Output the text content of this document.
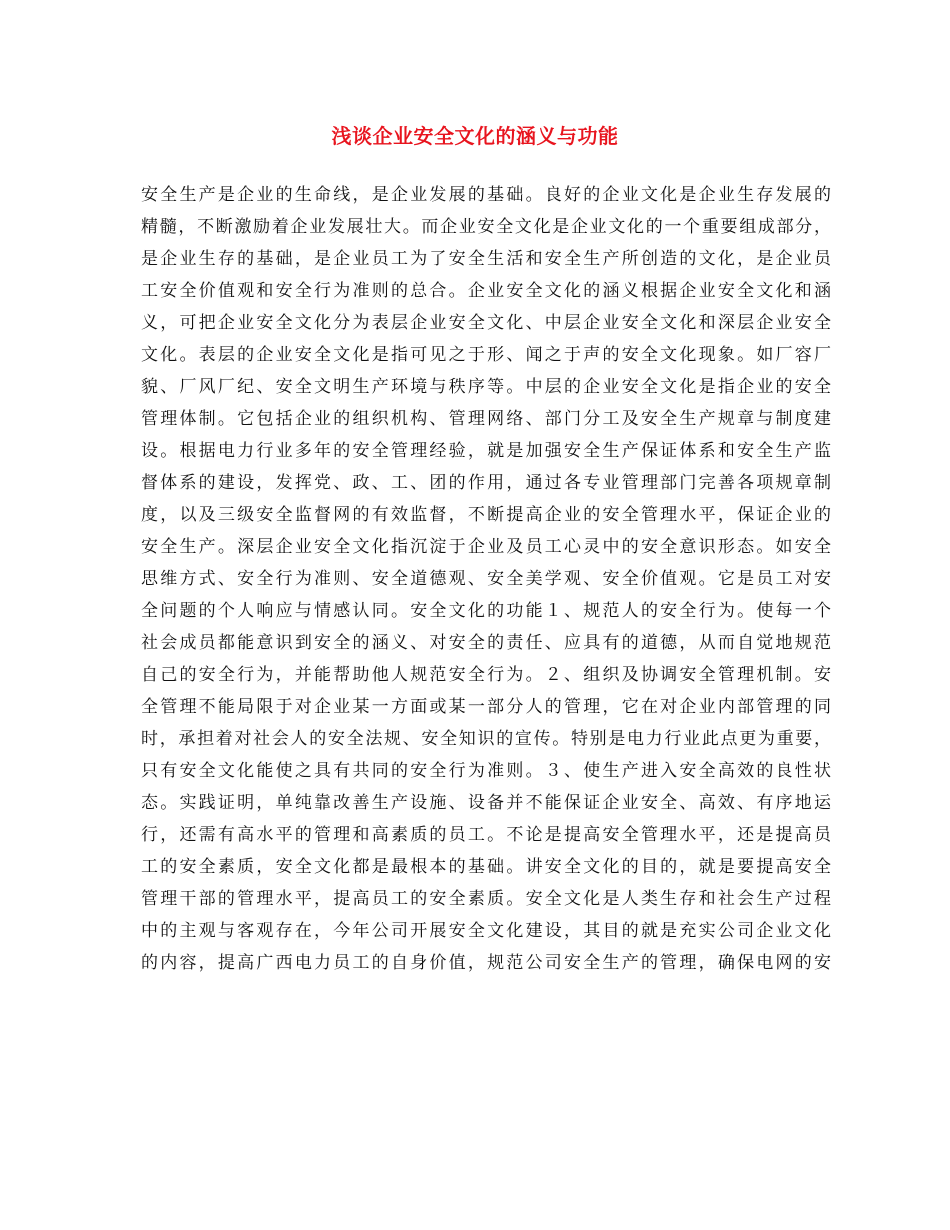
浅谈企业安全文化的涵义与功能
安全生产是企业的生命线，是企业发展的基础。良好的企业文化是企业生存发展的
精髓，不断激励着企业发展壮大。而企业安全文化是企业文化的一个重要组成部分，
是企业生存的基础，是企业员工为了安全生活和安全生产所创造的文化，是企业员
工安全价值观和安全行为准则的总合。企业安全文化的涵义根据企业安全文化和涵
义，可把企业安全文化分为表层企业安全文化、中层企业安全文化和深层企业安全
文化。表层的企业安全文化是指可见之于形、闻之于声的安全文化现象。如厂容厂
貌、厂风厂纪、安全文明生产环境与秩序等。中层的企业安全文化是指企业的安全
管理体制。它包括企业的组织机构、管理网络、部门分工及安全生产规章与制度建
设。根据电力行业多年的安全管理经验，就是加强安全生产保证体系和安全生产监
督体系的建设，发挥党、政、工、团的作用，通过各专业管理部门完善各项规章制
度，以及三级安全监督网的有效监督，不断提高企业的安全管理水平，保证企业的
安全生产。深层企业安全文化指沉淀于企业及员工心灵中的安全意识形态。如安全
思维方式、安全行为准则、安全道德观、安全美学观、安全价值观。它是员工对安
全问题的个人响应与情感认同。安全文化的功能１、规范人的安全行为。使每一个
社会成员都能意识到安全的涵义、对安全的责任、应具有的道德，从而自觉地规范
自己的安全行为，并能帮助他人规范安全行为。２、组织及协调安全管理机制。安
全管理不能局限于对企业某一方面或某一部分人的管理，它在对企业内部管理的同
时，承担着对社会人的安全法规、安全知识的宣传。特别是电力行业此点更为重要，
只有安全文化能使之具有共同的安全行为准则。３、使生产进入安全高效的良性状
态。实践证明，单纯靠改善生产设施、设备并不能保证企业安全、高效、有序地运
行，还需有高水平的管理和高素质的员工。不论是提高安全管理水平，还是提高员
工的安全素质，安全文化都是最根本的基础。讲安全文化的目的，就是要提高安全
管理干部的管理水平，提高员工的安全素质。安全文化是人类生存和社会生产过程
中的主观与客观存在，今年公司开展安全文化建设，其目的就是充实公司企业文化
的内容，提高广西电力员工的自身价值，规范公司安全生产的管理，确保电网的安
